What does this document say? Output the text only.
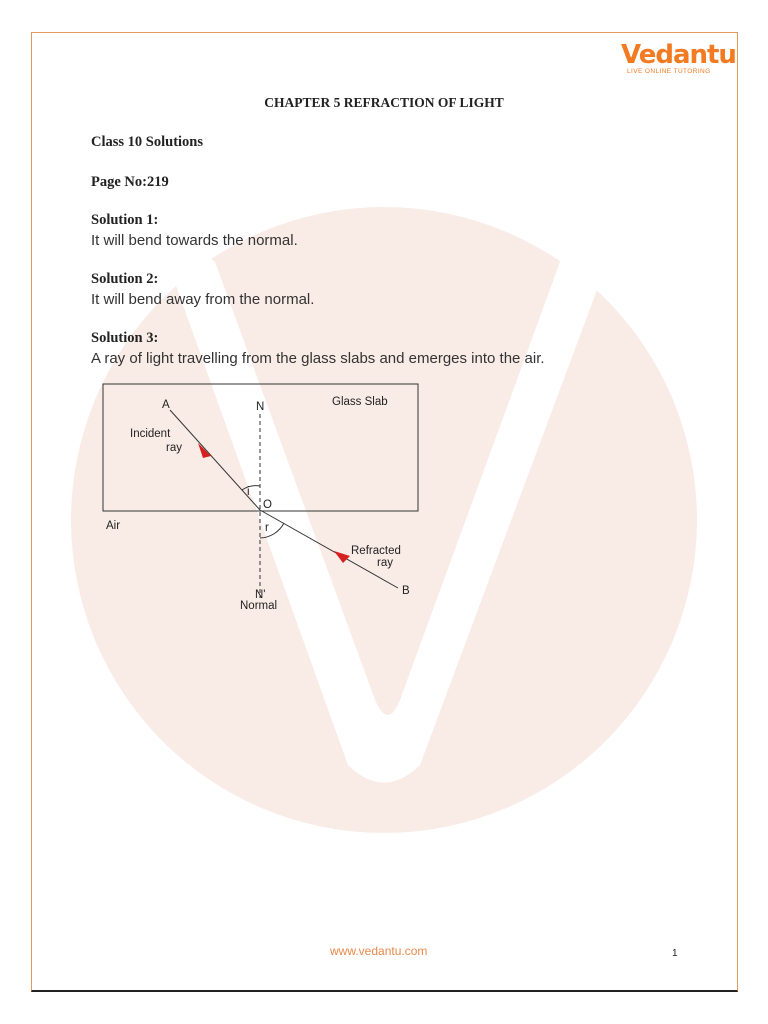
Vedantu
LIVE ONLINE TUTORING
CHAPTER 5 REFRACTION OF LIGHT
Class 10 Solutions
Page No:219
Solution 1:
It will bend towards the normal.
Solution 2:
It will bend away from the normal.
Solution 3:
A ray of light travelling from the glass slabs and emerges into the air.
Glass Slab
A	N
Incident
ray
i
O
r
Air
Refracted
ray
B
N'
Normal
www.vedantu.com	1
